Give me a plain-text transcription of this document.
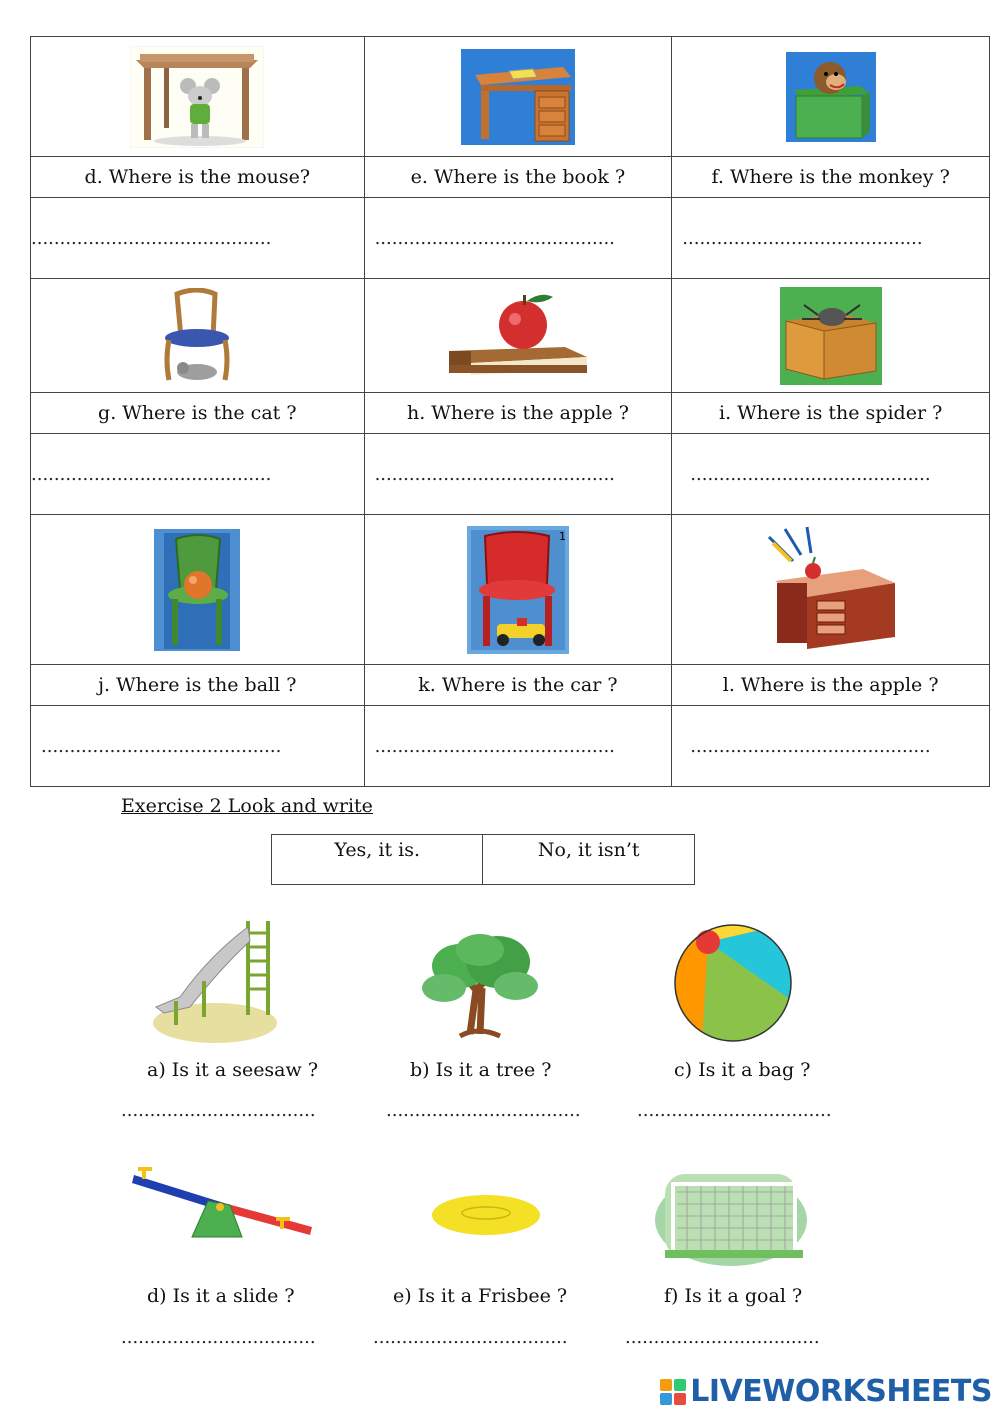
d. Where is the mouse?	e. Where is the book ?	f. Where is the monkey ?
..........................................	..........................................	..........................................

g. Where is the cat ?	h. Where is the apple ?	i. Where is the spider ?
..........................................	..........................................	..........................................

1

j. Where is the ball ?	k. Where is the car ?	l. Where is the apple ?
..........................................	..........................................	..........................................
Exercise 2 Look and write
Yes, it is.	No, it isn’t
a) Is it a seesaw ?	b) Is it a tree ?	c) Is it a bag ?
..................................	..................................	..................................
d) Is it a slide ?	e) Is it a Frisbee ?	f) Is it a goal ?
..................................	..................................	..................................
LIVEWORKSHEETS
